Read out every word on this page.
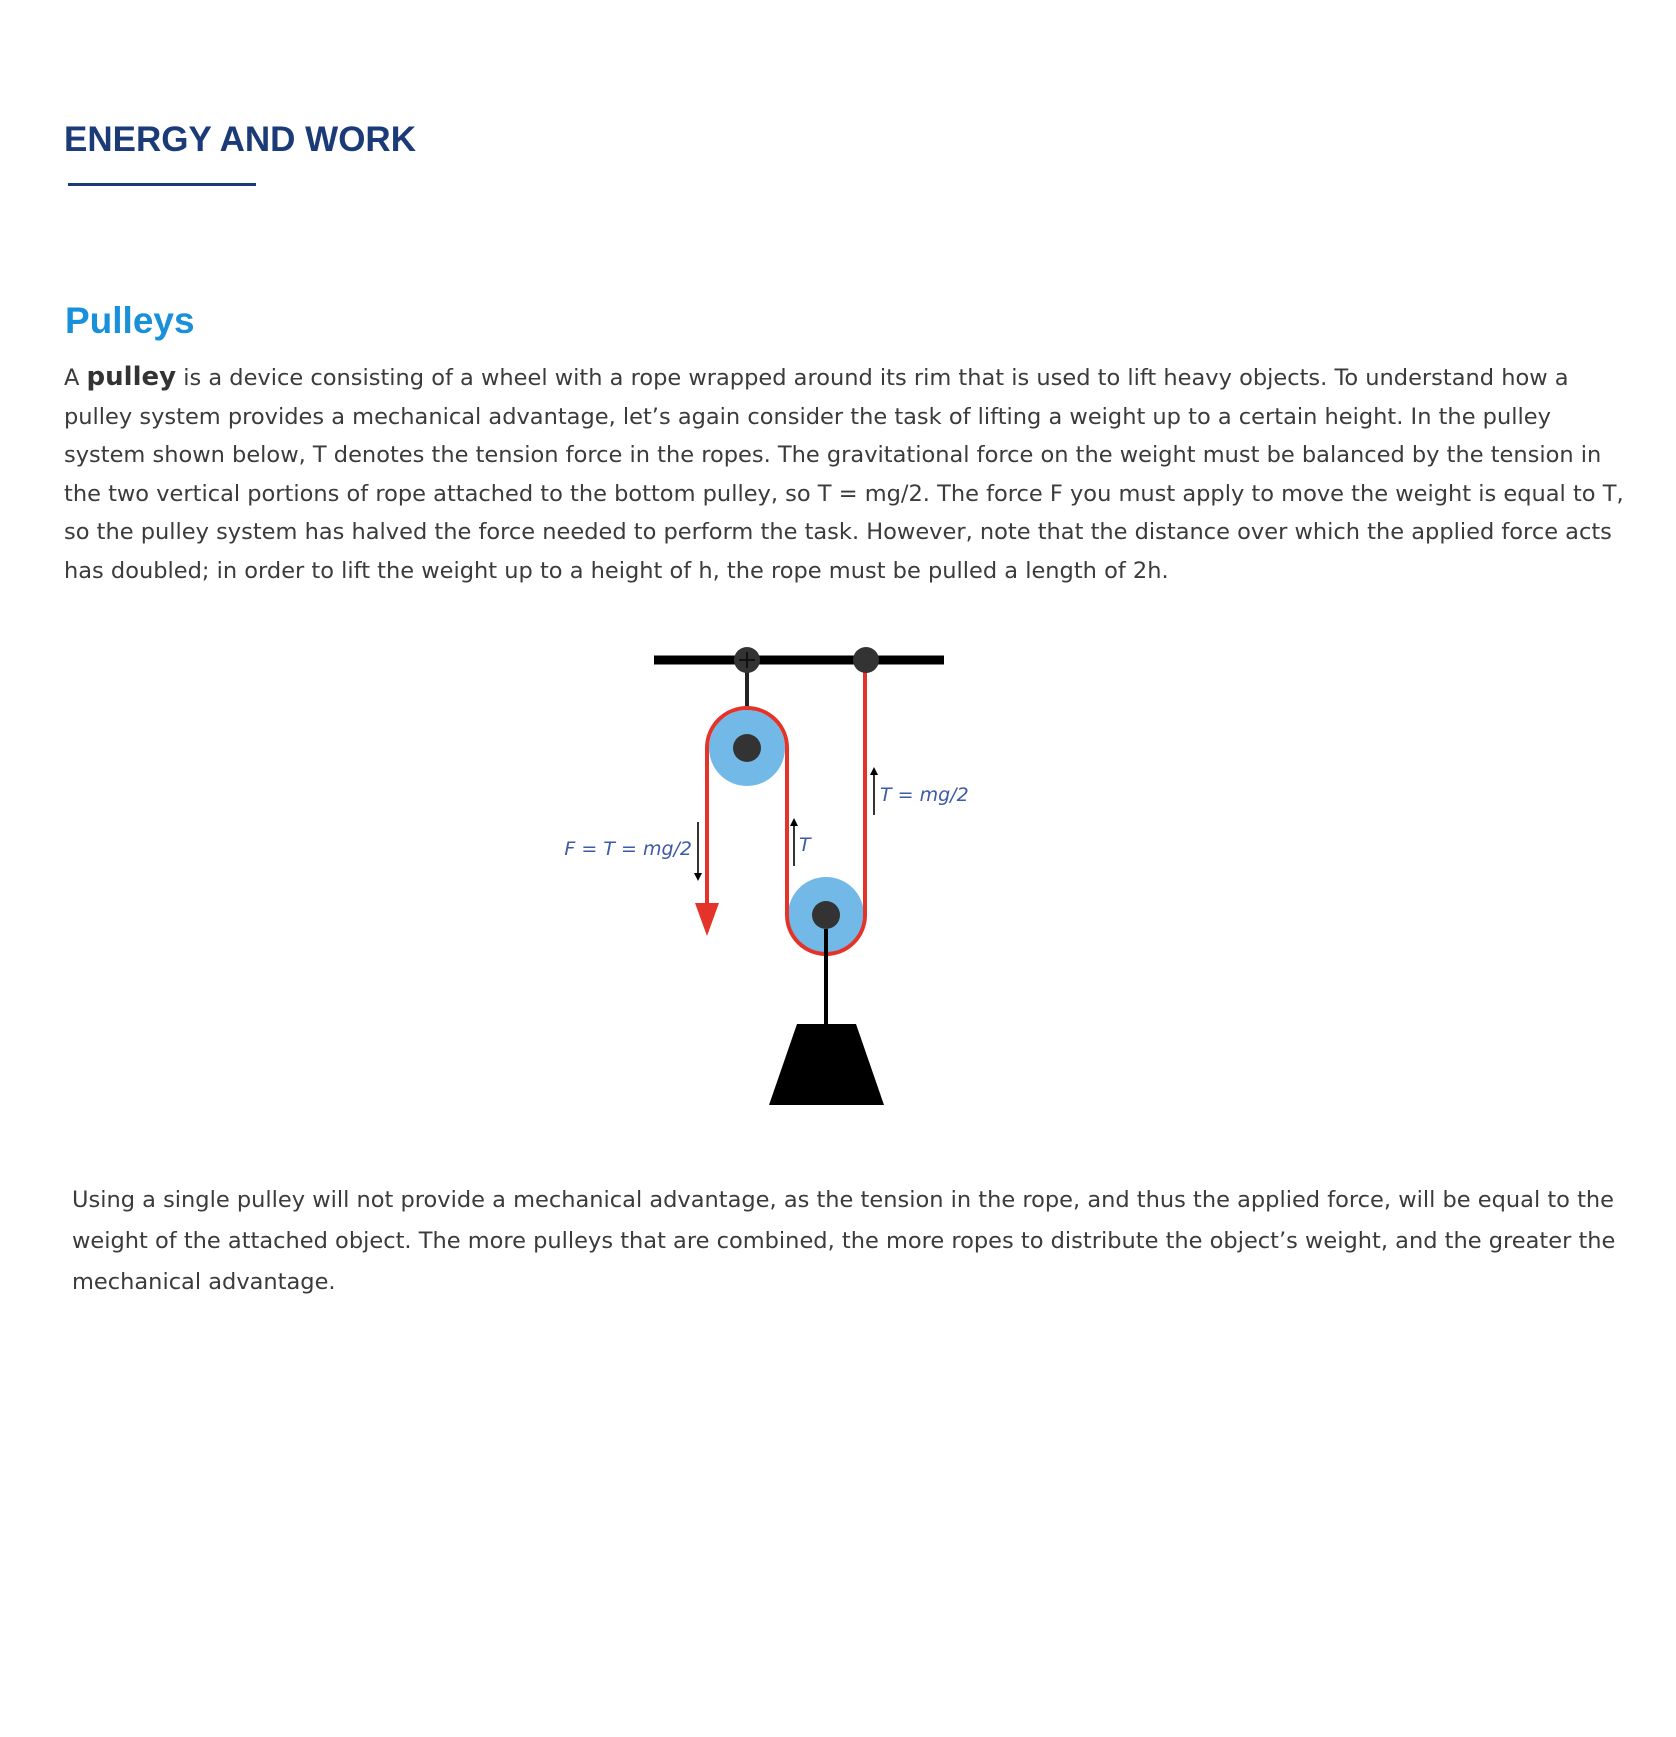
ENERGY AND WORK
Pulleys

A pulley is a device consisting of a wheel with a rope wrapped around its rim that is used to lift heavy objects. To understand how a pulley system provides a mechanical advantage, let’s again consider the task of lifting a weight up to a certain height. In the pulley system shown below, T denotes the tension force in the ropes. The gravitational force on the weight must be balanced by the tension in the two vertical portions of rope attached to the bottom pulley, so T = mg/2. The force F you must apply to move the weight is equal to T, so the pulley system has halved the force needed to perform the task. However, note that the distance over which the applied force acts has doubled; in order to lift the weight up to a height of h, the rope must be pulled a length of 2h.

F = T = mg/2	T
T = mg/2

Using a single pulley will not provide a mechanical advantage, as the tension in the rope, and thus the applied force, will be equal to the weight of the attached object. The more pulleys that are combined, the more ropes to distribute the object’s weight, and the greater the mechanical advantage.
